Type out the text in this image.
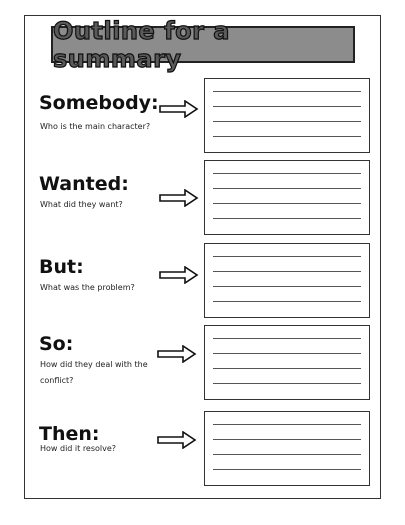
Outline for a summary
Somebody:
Who is the main character?
Wanted:
What did they want?
But:
What was the problem?
So:
How did they deal with the conflict?
Then:
How did it resolve?
